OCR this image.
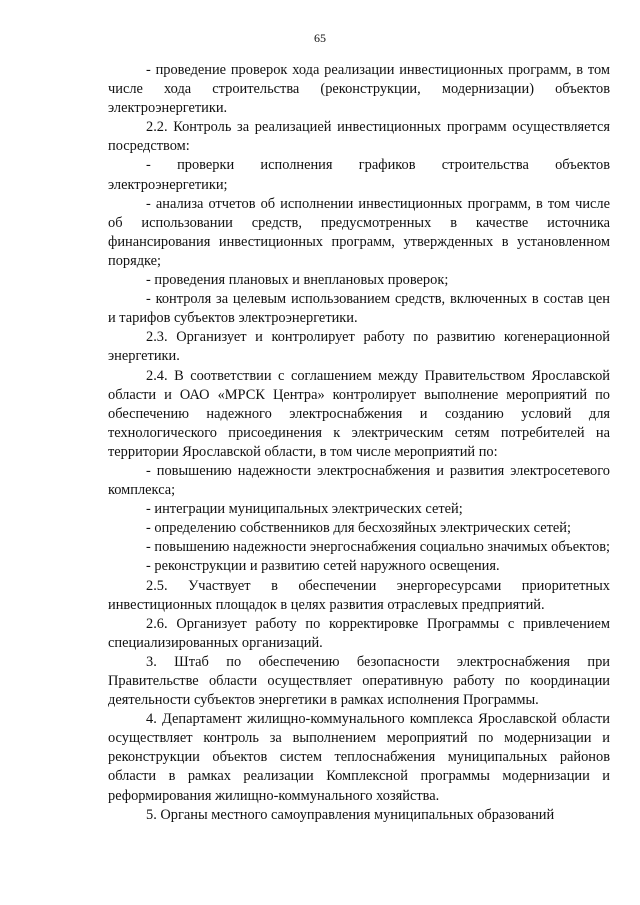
65

- проведение проверок хода реализации инвестиционных программ, в том числе хода строительства (реконструкции, модернизации) объектов электроэнергетики.

2.2. Контроль за реализацией инвестиционных программ осуществляется посредством:

- проверки исполнения графиков строительства объектов электроэнергетики;

- анализа отчетов об исполнении инвестиционных программ, в том числе об использовании средств, предусмотренных в качестве источника финансирования инвестиционных программ, утвержденных в установленном порядке;

- проведения плановых и внеплановых проверок;

- контроля за целевым использованием средств, включенных в состав цен и тарифов субъектов электроэнергетики.

2.3. Организует и контролирует работу по развитию когенерационной энергетики.

2.4. В соответствии с соглашением между Правительством Ярославской области и ОАО «МРСК Центра» контролирует выполнение мероприятий по обеспечению надежного электроснабжения и созданию условий для технологического присоединения к электрическим сетям потребителей на территории Ярославской области, в том числе мероприятий по:

- повышению надежности электроснабжения и развития электросетевого комплекса;

- интеграции муниципальных электрических сетей;

- определению собственников для бесхозяйных электрических сетей;

- повышению надежности энергоснабжения социально значимых объектов;

- реконструкции и развитию сетей наружного освещения.

2.5. Участвует в обеспечении энергоресурсами приоритетных инвестиционных площадок в целях развития отраслевых предприятий.

2.6. Организует работу по корректировке Программы с привлечением специализированных организаций.

3. Штаб по обеспечению безопасности электроснабжения при Правительстве области осуществляет оперативную работу по координации деятельности субъектов энергетики в рамках исполнения Программы.

4. Департамент жилищно-коммунального комплекса Ярославской области осуществляет контроль за выполнением мероприятий по модернизации и реконструкции объектов систем теплоснабжения муниципальных районов области в рамках реализации Комплексной программы модернизации и реформирования жилищно-коммунального хозяйства.

5. Органы местного самоуправления муниципальных образований
